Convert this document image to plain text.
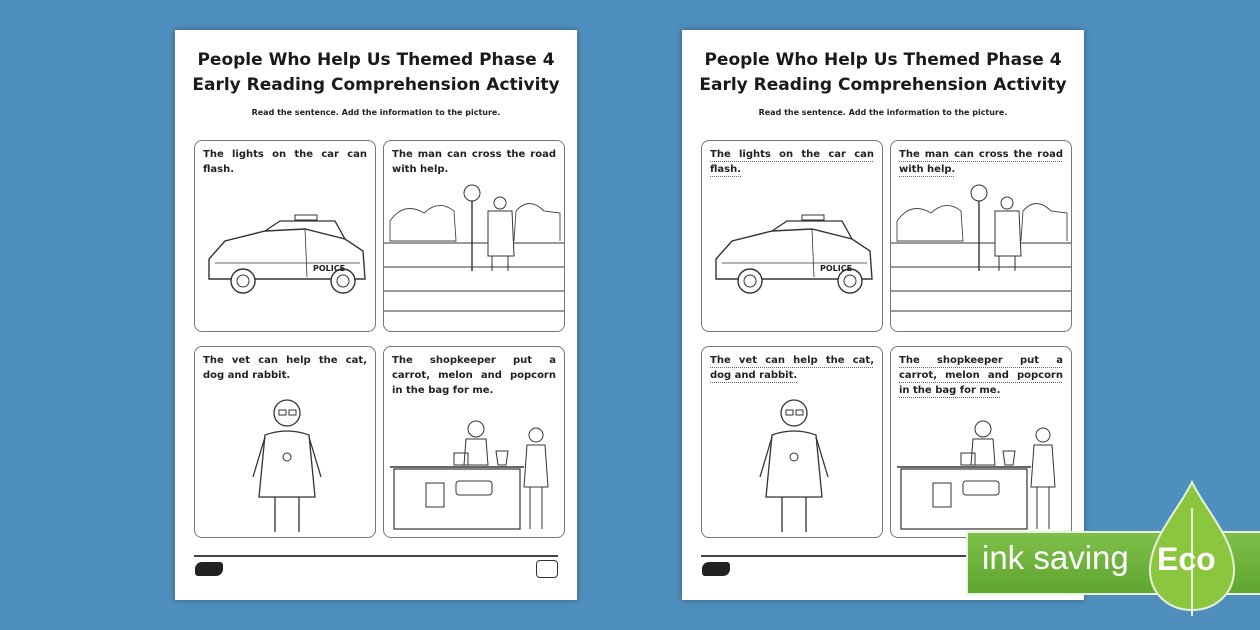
People Who Help Us Themed Phase 4
Early Reading Comprehension Activity
Read the sentence. Add the information to the picture.
POLICE
The lights on the car can flash.
The man can cross the road with help.
The vet can help the cat, dog and rabbit.
The shopkeeper put a carrot, melon and popcorn in the bag for me.
People Who Help Us Themed Phase 4
Early Reading Comprehension Activity
Read the sentence. Add the information to the picture.
POLICE
The lights on the car can flash.
The man can cross the road with help.
The vet can help the cat, dog and rabbit.
The shopkeeper put a carrot, melon and popcorn in the bag for me.
ink saving Eco
